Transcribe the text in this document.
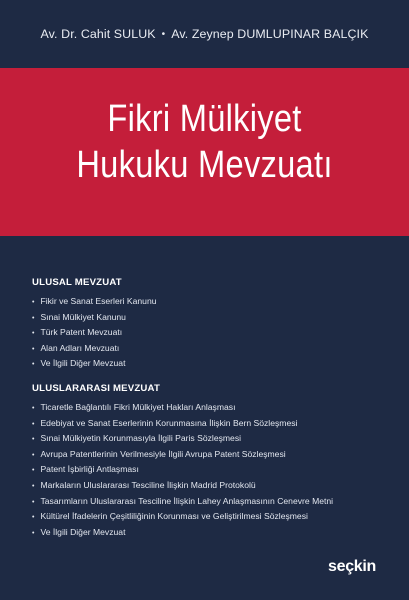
Av. Dr. Cahit SULUK • Av. Zeynep DUMLUPINAR BALÇIK
Fikri Mülkiyet
Hukuku Mevzuatı
ULUSAL MEVZUAT
• Fikir ve Sanat Eserleri Kanunu
• Sınai Mülkiyet Kanunu
• Türk Patent Mevzuatı
• Alan Adları Mevzuatı
• Ve İlgili Diğer Mevzuat
ULUSLARARASI MEVZUAT
• Ticaretle Bağlantılı Fikri Mülkiyet Hakları Anlaşması
• Edebiyat ve Sanat Eserlerinin Korunmasına İlişkin Bern Sözleşmesi
• Sınai Mülkiyetin Korunmasıyla İlgili Paris Sözleşmesi
• Avrupa Patentlerinin Verilmesiyle İlgili Avrupa Patent Sözleşmesi
• Patent İşbirliği Antlaşması
• Markaların Uluslararası Tesciline İlişkin Madrid Protokolü
• Tasarımların Uluslararası Tesciline İlişkin Lahey Anlaşmasının Cenevre Metni
• Kültürel İfadelerin Çeşitliliğinin Korunması ve Geliştirilmesi Sözleşmesi
• Ve İlgili Diğer Mevzuat
seçkin
